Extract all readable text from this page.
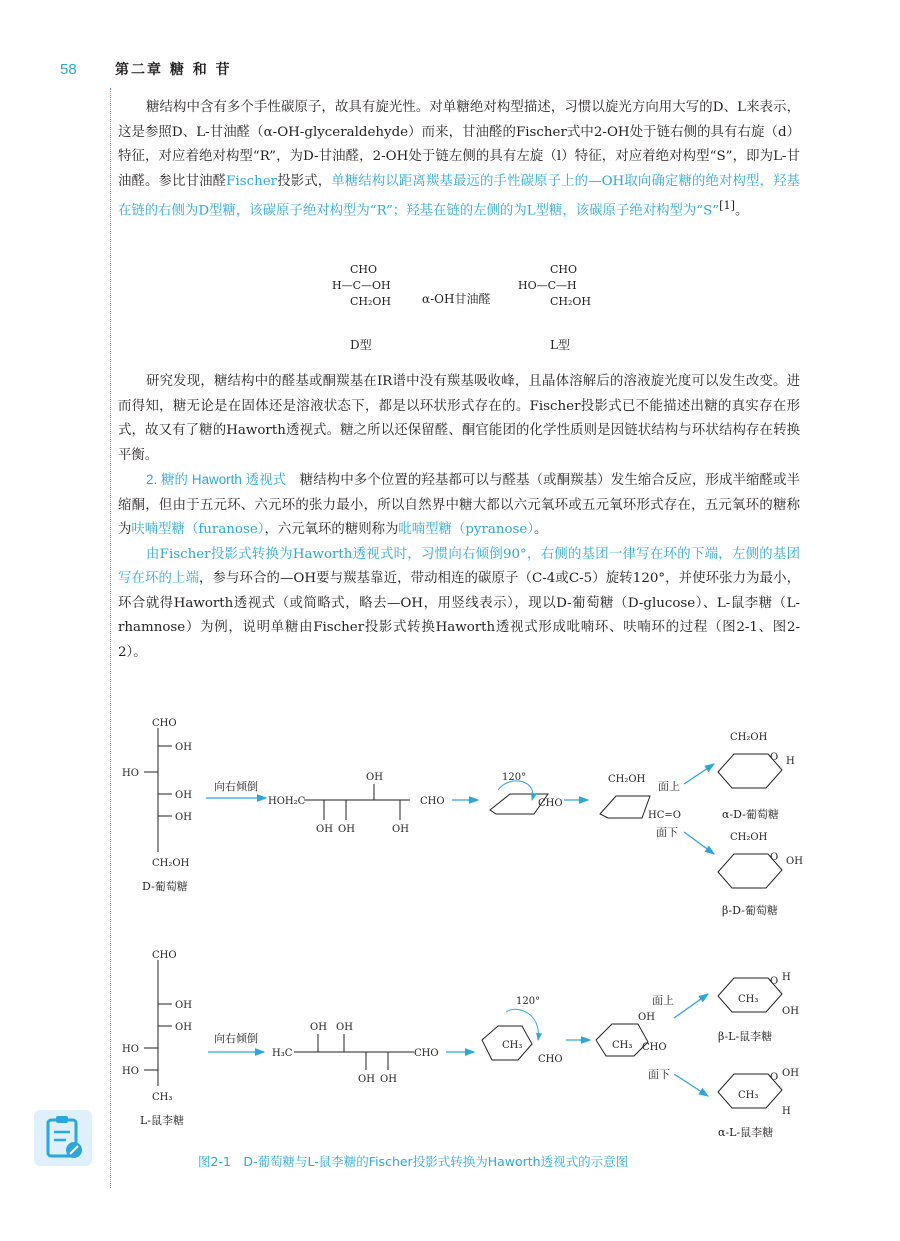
58	第二章 糖 和 苷

糖结构中含有多个手性碳原子，故具有旋光性。对单糖绝对构型描述，习惯以旋光方向用大写的D、L来表示，这是参照D、L-甘油醛（α-OH-glyceraldehyde）而来，甘油醛的Fischer式中2-OH处于链右侧的具有右旋（d）特征，对应着绝对构型“R”，为D-甘油醛，2-OH处于链左侧的具有左旋（l）特征，对应着绝对构型“S”，即为L-甘油醛。参比甘油醛Fischer投影式，单糖结构以距离羰基最远的手性碳原子上的—OH取向确定糖的绝对构型，羟基在链的右侧为D型糖，该碳原子绝对构型为“R”；羟基在链的左侧的为L型糖，该碳原子绝对构型为“S”[1]。

CHO
H—C—OH
CH₂OH	α-OH甘油醛
CHO
HO—C—H
CH₂OH
D型	L型

研究发现，糖结构中的醛基或酮羰基在IR谱中没有羰基吸收峰，且晶体溶解后的溶液旋光度可以发生改变。进而得知，糖无论是在固体还是溶液状态下，都是以环状形式存在的。Fischer投影式已不能描述出糖的真实存在形式，故又有了糖的Haworth透视式。糖之所以还保留醛、酮官能团的化学性质则是因链状结构与环状结构存在转换平衡。

2. 糖的 Haworth 透视式　 糖结构中多个位置的羟基都可以与醛基（或酮羰基）发生缩合反应，形成半缩醛或半缩酮，但由于五元环、六元环的张力最小，所以自然界中糖大都以六元氧环或五元氧环形式存在，五元氧环的糖称为呋喃型糖（furanose），六元氧环的糖则称为吡喃型糖（pyranose）。

由Fischer投影式转换为Haworth透视式时，习惯向右倾倒90°，右侧的基团一律写在环的下端，左侧的基团写在环的上端，参与环合的—OH要与羰基靠近，带动相连的碳原子（C-4或C-5）旋转120°，并使环张力为最小，环合就得Haworth透视式（或简略式，略去—OH，用竖线表示），现以D-葡萄糖（D-glucose）、L-鼠李糖（L-rhamnose）为例，说明单糖由Fischer投影式转换Haworth透视式形成吡喃环、呋喃环的过程（图2-1、图2-2）。

CHO
OH
HO
OH
OH
CH₂OH
D-葡萄糖
向右倾倒
HOH₂C
OH
OH OH	OH
CHO
120°
CHO
CH₂OH
HC=O
面上
面下
CH₂OH
O H
α-D-葡萄糖
CH₂OH
O OH
β-D-葡萄糖
CHO
OH
OH
HO
HO
CH₃
L-鼠李糖
向右倾倒
H₃C
OH OH
OH OH
CHO
120°
CH₃
CHO
OH
CH₃ CHO
面上
面下
O H
OH
CH₃
β-L-鼠李糖
O OH
H
CH₃
α-L-鼠李糖
图2-1　D-葡萄糖与L-鼠李糖的Fischer投影式转换为Haworth透视式的示意图
